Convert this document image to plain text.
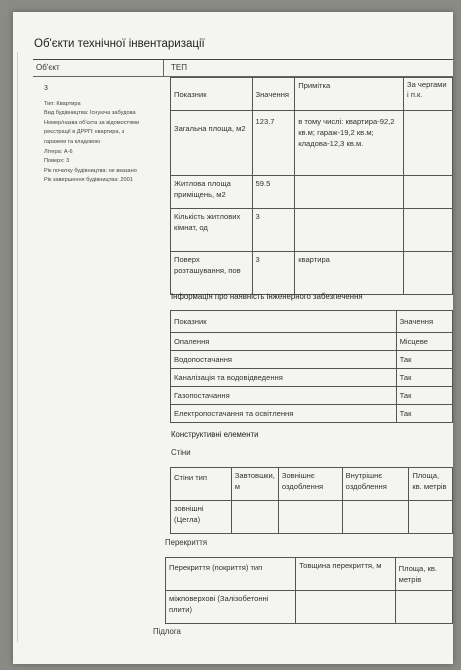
Об'єкти технічної інвентаризації
Об'єкт	ТЕП
3
Тип: Квартира
Вид будівництва: Існуюча забудова
Номер/назва об'єкта за відомостями
реєстрації в ДРРП: квартира, з
гаражем та кладовою
Літера: А-6
Поверх: 3
Рік початку будівництва: не вказано
Рік завершення будівництва: 2001
Показник	Значення	Примітка	За чергами і п.к.
Загальна площа, м2	123.7	в тому числі: квартира-92,2 кв.м; гараж-19,2 кв.м; кладова-12,3 кв.м.	
Житлова площа приміщень, м2	59.5		
Кількість житлових кімнат, од	3		
Поверх розташування, пов	3	квартира	
Інформація про наявність інженерного забезпечення
Показник	Значення
Опалення	Місцеве
Водопостачання	Так
Каналізація та водовідведення	Так
Газопостачання	Так
Електропостачання та освітлення	Так
Конструктивні елементи
Стіни
Стіни тип	Завтовшки, м	Зовнішнє оздоблення	Внутрішнє оздоблення	Площа, кв. метрів
зовнішні (Цегла)				
Перекриття
Перекриття (покриття) тип	Товщина перекриття, м	Площа, кв. метрів
міжповерхові (Залізобетонні плити)		
Підлога
